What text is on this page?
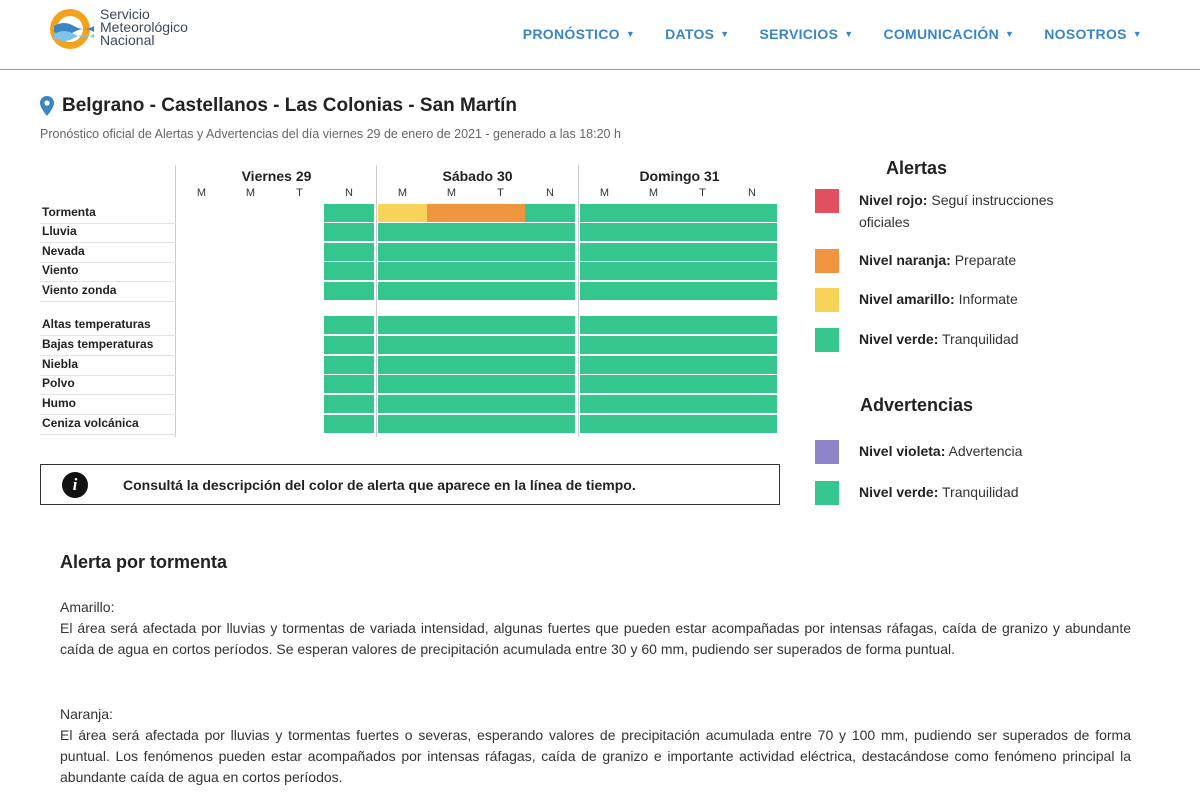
Servicio
Meteorológico
Nacional	PRONÓSTICO ▼ DATOS ▼ SERVICIOS ▼ COMUNICACIÓN ▼ NOSOTROS ▼
Belgrano - Castellanos - Las Colonias - San Martín
Pronóstico oficial de Alertas y Advertencias del día viernes 29 de enero de 2021 - generado a las 18:20 h
Viernes 29
M	M	T	N
Sábado 30
M	M	T	N
Domingo 31
M	M	T	N
Tormenta
Lluvia
Nevada
Viento
Viento zonda
Altas temperaturas
Bajas temperaturas
Niebla
Polvo
Humo
Ceniza volcánica
i	Consultá la descripción del color de alerta que aparece en la línea de tiempo.
Alertas
Nivel rojo: Seguí instrucciones oficiales
Nivel naranja: Preparate
Nivel amarillo: Informate
Nivel verde: Tranquilidad
Advertencias
Nivel violeta: Advertencia
Nivel verde: Tranquilidad
Alerta por tormenta
Amarillo:
El área será afectada por lluvias y tormentas de variada intensidad, algunas fuertes que pueden estar acompañadas por intensas ráfagas, caída de granizo y abundante caída de agua en cortos períodos. Se esperan valores de precipitación acumulada entre 30 y 60 mm, pudiendo ser superados de forma puntual.
Naranja:
El área será afectada por lluvias y tormentas fuertes o severas, esperando valores de precipitación acumulada entre 70 y 100 mm, pudiendo ser superados de forma puntual. Los fenómenos pueden estar acompañados por intensas ráfagas, caída de granizo e importante actividad eléctrica, destacándose como fenómeno principal la abundante caída de agua en cortos períodos.
